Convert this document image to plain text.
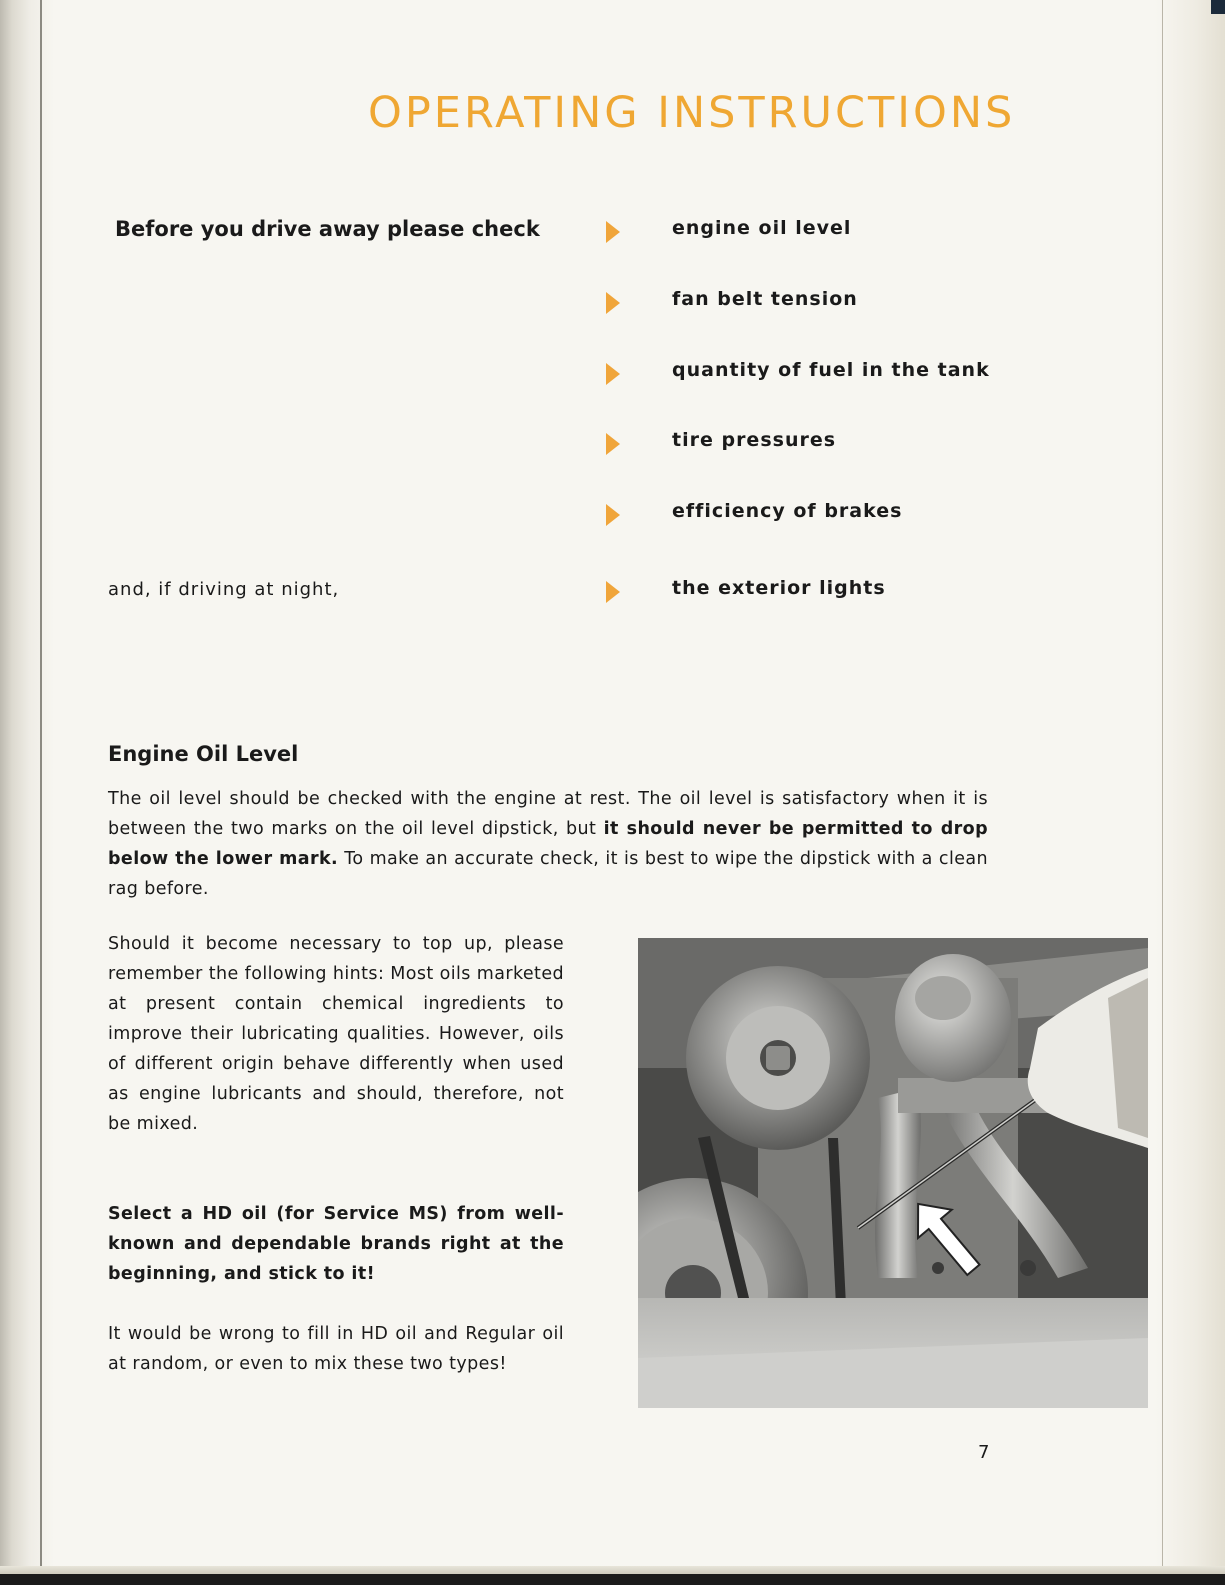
OPERATING INSTRUCTIONS
Before you drive away please check	engine oil level
fan belt tension
quantity of fuel in the tank
tire pressures
efficiency of brakes
and, if driving at night,	the exterior lights
Engine Oil Level

The oil level should be checked with the engine at rest. The oil level is satisfactory when it is between the two marks on the oil level dipstick, but it should never be permitted to drop below the lower mark. To make an accurate check, it is best to wipe the dipstick with a clean rag before.

Should it become necessary to top up, please remember the following hints: Most oils marketed at present contain chemical ingredients to improve their lubricating qualities. However, oils of different origin behave differently when used as engine lubricants and should, therefore, not be mixed.

Select a HD oil (for Service MS) from well-known and dependable brands right at the beginning, and stick to it!

It would be wrong to fill in HD oil and Regular oil at random, or even to mix these two types!

7
